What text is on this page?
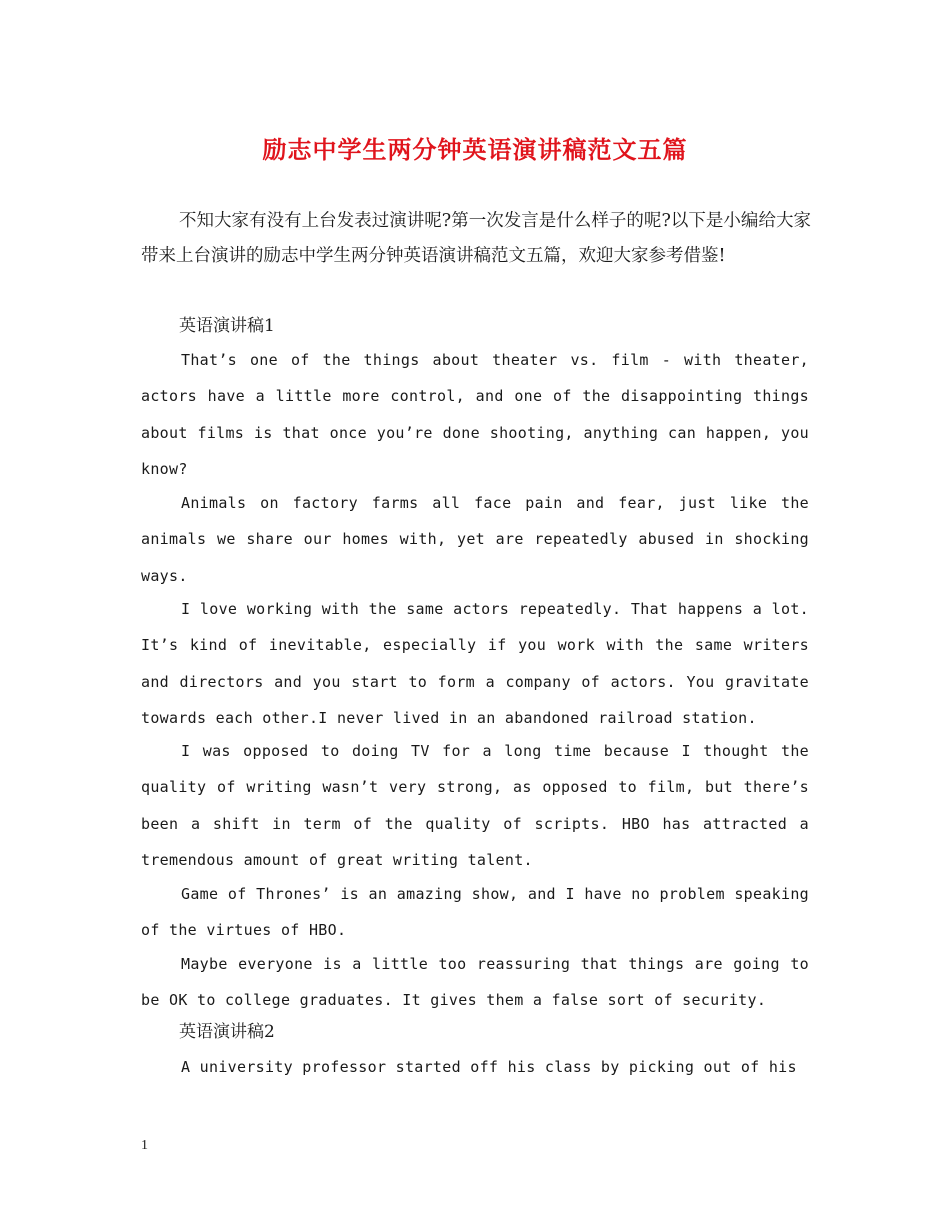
励志中学生两分钟英语演讲稿范文五篇

不知大家有没有上台发表过演讲呢?第一次发言是什么样子的呢?以下是小编给大家带来上台演讲的励志中学生两分钟英语演讲稿范文五篇，欢迎大家参考借鉴!

英语演讲稿1

That’s one of the things about theater vs. film - with theater, actors have a little more control, and one of the disappointing things about films is that once you’re done shooting, anything can happen, you know?

Animals on factory farms all face pain and fear, just like the animals we share our homes with, yet are repeatedly abused in shocking ways.

I love working with the same actors repeatedly. That happens a lot. It’s kind of inevitable, especially if you work with the same writers and directors and you start to form a company of actors. You gravitate towards each other.I never lived in an abandoned railroad station.

I was opposed to doing TV for a long time because I thought the quality of writing wasn’t very strong, as opposed to film, but there’s been a shift in term of the quality of scripts. HBO has attracted a tremendous amount of great writing talent.

Game of Thrones’ is an amazing show, and I have no problem speaking of the virtues of HBO.

Maybe everyone is a little too reassuring that things are going to be OK to college graduates. It gives them a false sort of security.

英语演讲稿2

A university professor started off his class by picking out of his

1
